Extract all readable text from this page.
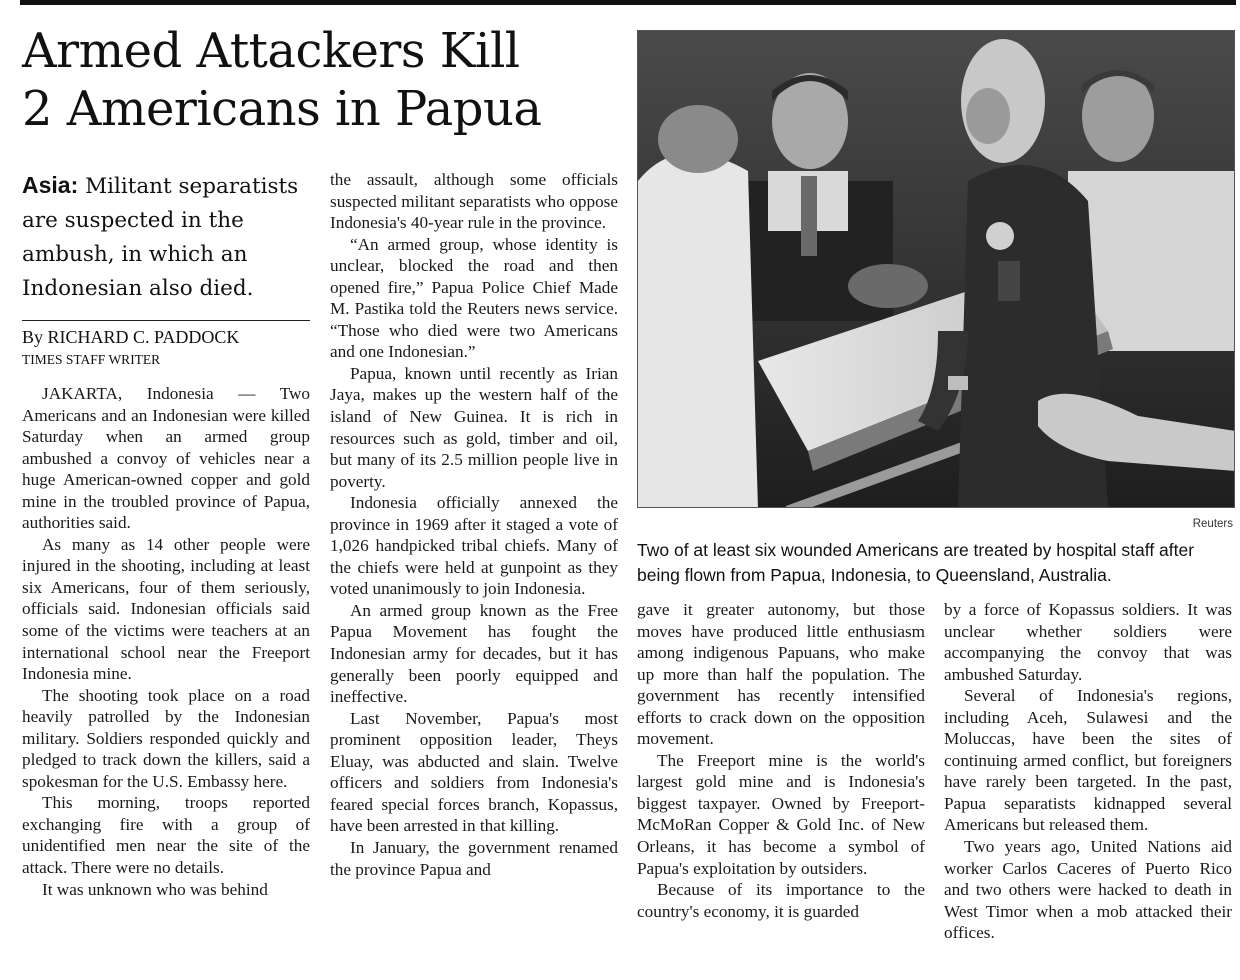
Armed Attackers Kill
2 Americans in Papua

Asia: Militant separatists are suspected in the ambush, in which an Indonesian also died.

By RICHARD C. PADDOCK
TIMES STAFF WRITER

JAKARTA, Indonesia — Two Americans and an Indonesian were killed Saturday when an armed group ambushed a convoy of vehicles near a huge American-owned copper and gold mine in the troubled province of Papua, authorities said.

As many as 14 other people were injured in the shooting, including at least six Americans, four of them seriously, officials said. Indonesian officials said some of the victims were teachers at an international school near the Freeport Indonesia mine.

The shooting took place on a road heavily patrolled by the Indonesian military. Soldiers responded quickly and pledged to track down the killers, said a spokesman for the U.S. Embassy here.

This morning, troops reported exchanging fire with a group of unidentified men near the site of the attack. There were no details.

It was unknown who was behind

the assault, although some officials suspected militant separatists who oppose Indonesia's 40-year rule in the province.

“An armed group, whose identity is unclear, blocked the road and then opened fire,” Papua Police Chief Made M. Pastika told the Reuters news service. “Those who died were two Americans and one Indonesian.”

Papua, known until recently as Irian Jaya, makes up the western half of the island of New Guinea. It is rich in resources such as gold, timber and oil, but many of its 2.5 million people live in poverty.

Indonesia officially annexed the province in 1969 after it staged a vote of 1,026 handpicked tribal chiefs. Many of the chiefs were held at gunpoint as they voted unanimously to join Indonesia.

An armed group known as the Free Papua Movement has fought the Indonesian army for decades, but it has generally been poorly equipped and ineffective.

Last November, Papua's most prominent opposition leader, Theys Eluay, was abducted and slain. Twelve officers and soldiers from Indonesia's feared special forces branch, Kopassus, have been arrested in that killing.

In January, the government renamed the province Papua and

Reuters

Two of at least six wounded Americans are treated by hospital staff after being flown from Papua, Indonesia, to Queensland, Australia.

gave it greater autonomy, but those moves have produced little enthusiasm among indigenous Papuans, who make up more than half the population. The government has recently intensified efforts to crack down on the opposition movement.

The Freeport mine is the world's largest gold mine and is Indonesia's biggest taxpayer. Owned by Freeport-McMoRan Copper & Gold Inc. of New Orleans, it has become a symbol of Papua's exploitation by outsiders.

Because of its importance to the country's economy, it is guarded

by a force of Kopassus soldiers. It was unclear whether soldiers were accompanying the convoy that was ambushed Saturday.

Several of Indonesia's regions, including Aceh, Sulawesi and the Moluccas, have been the sites of continuing armed conflict, but foreigners have rarely been targeted. In the past, Papua separatists kidnapped several Americans but released them.

Two years ago, United Nations aid worker Carlos Caceres of Puerto Rico and two others were hacked to death in West Timor when a mob attacked their offices.
